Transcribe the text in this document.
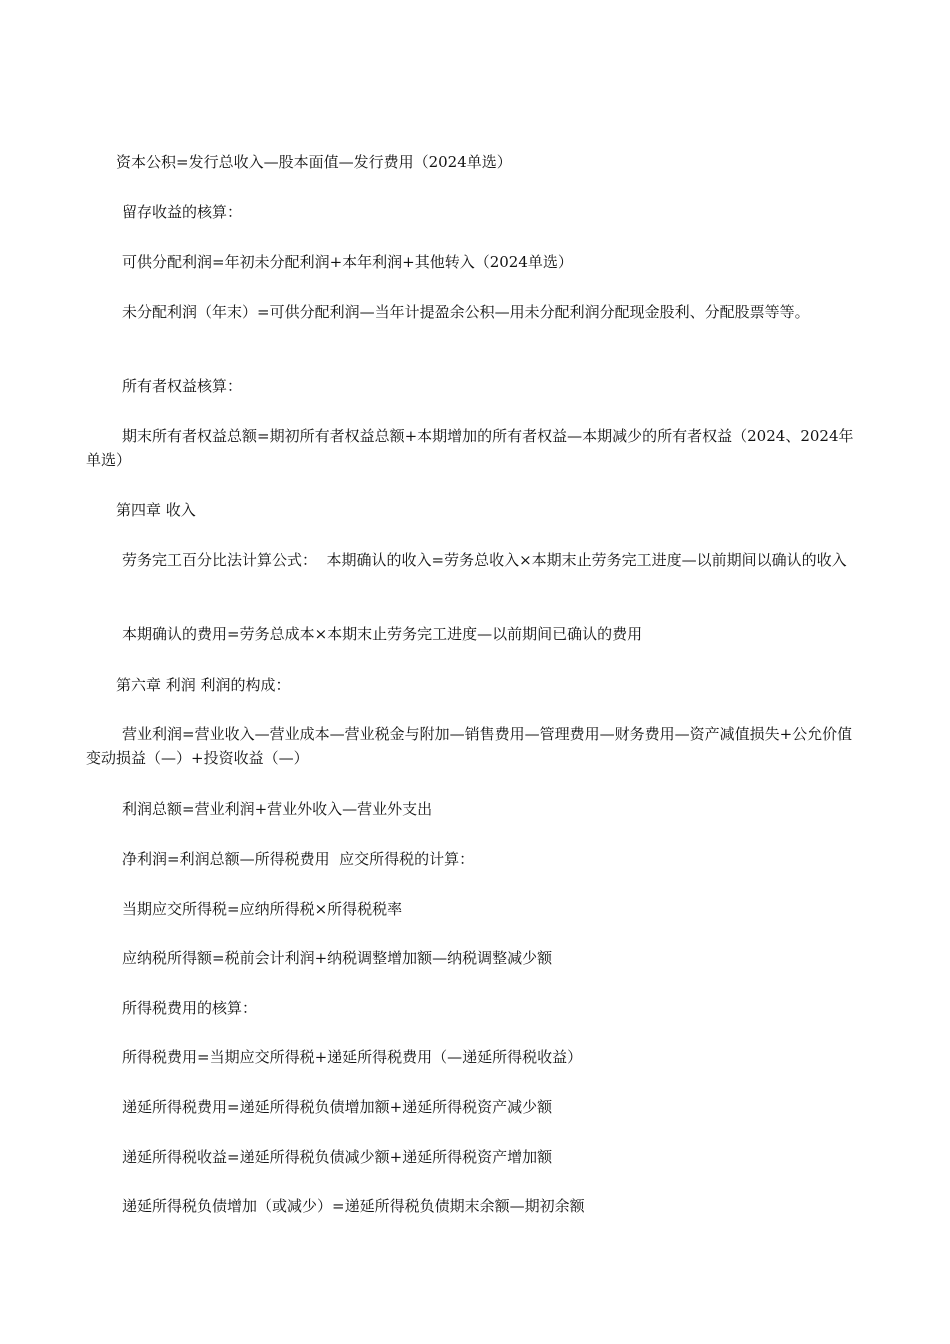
资本公积=发行总收入—股本面值—发行费用（2024单选）

留存收益的核算：

可供分配利润=年初未分配利润+本年利润+其他转入（2024单选）

未分配利润（年末）=可供分配利润—当年计提盈余公积—用未分配利润分配现金股利、分配股票等等。

所有者权益核算：

期末所有者权益总额=期初所有者权益总额+本期增加的所有者权益—本期减少的所有者权益（2024、2024年单选）

第四章 收入

劳务完工百分比法计算公式：  本期确认的收入=劳务总收入×本期末止劳务完工进度—以前期间以确认的收入

本期确认的费用=劳务总成本×本期末止劳务完工进度—以前期间已确认的费用

第六章 利润 利润的构成：

营业利润=营业收入—营业成本—营业税金与附加—销售费用—管理费用—财务费用—资产减值损失+公允价值变动损益（—）+投资收益（—）

利润总额=营业利润+营业外收入—营业外支出

净利润=利润总额—所得税费用  应交所得税的计算：

当期应交所得税=应纳所得税×所得税税率

应纳税所得额=税前会计利润+纳税调整增加额—纳税调整减少额

所得税费用的核算：

所得税费用=当期应交所得税+递延所得税费用（—递延所得税收益）

递延所得税费用=递延所得税负债增加额+递延所得税资产减少额

递延所得税收益=递延所得税负债减少额+递延所得税资产增加额

递延所得税负债增加（或减少）=递延所得税负债期末余额—期初余额
